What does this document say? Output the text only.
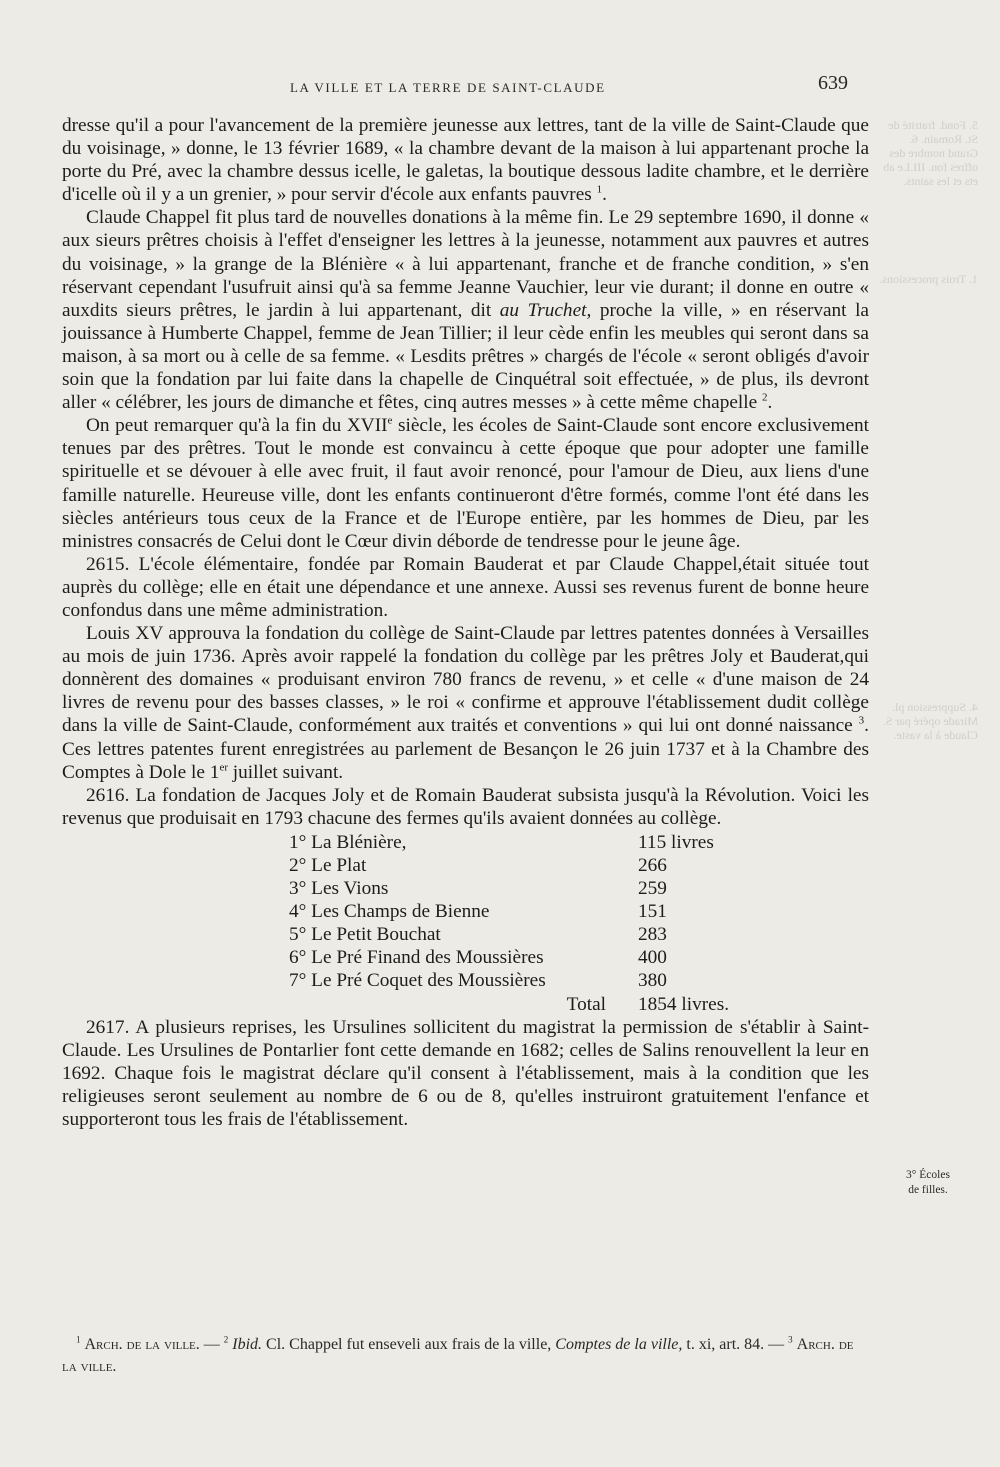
5. Fond. fratrité de St. Romain. 6. Grand nombre des offres fon. III.Le ab ets et les saints.
1. Trois processions.
4. Suppression pl. Mirade opéré par S. Claude à la vaste.
LA VILLE ET LA TERRE DE SAINT-CLAUDE	639

dresse qu'il a pour l'avancement de la première jeunesse aux lettres, tant de la ville de Saint-Claude que du voisinage, » donne, le 13 février 1689, « la chambre devant de la maison à lui appartenant proche la porte du Pré, avec la chambre dessus icelle, le galetas, la boutique dessous ladite chambre, et le derrière d'icelle où il y a un grenier, » pour servir d'école aux enfants pauvres $^1$.

Claude Chappel fit plus tard de nouvelles donations à la même fin. Le 29 septembre 1690, il donne « aux sieurs prêtres choisis à l'effet d'enseigner les lettres à la jeunesse, notamment aux pauvres et autres du voisinage, » la grange de la Blénière « à lui appartenant, franche et de franche condition, » s'en réservant cependant l'usufruit ainsi qu'à sa femme Jeanne Vauchier, leur vie durant; il donne en outre « auxdits sieurs prêtres, le jardin à lui appartenant, dit au Truchet, proche la ville, » en réservant la jouissance à Humberte Chappel, femme de Jean Tillier; il leur cède enfin les meubles qui seront dans sa maison, à sa mort ou à celle de sa femme. « Lesdits prêtres » chargés de l'école « seront obligés d'avoir soin que la fondation par lui faite dans la chapelle de Cinquétral soit effectuée, » de plus, ils devront aller « célébrer, les jours de dimanche et fêtes, cinq autres messes » à cette même chapelle $^2$.

On peut remarquer qu'à la fin du XVIIe siècle, les écoles de Saint-Claude sont encore exclusivement tenues par des prêtres. Tout le monde est convaincu à cette époque que pour adopter une famille spirituelle et se dévouer à elle avec fruit, il faut avoir renoncé, pour l'amour de Dieu, aux liens d'une famille naturelle. Heureuse ville, dont les enfants continueront d'être formés, comme l'ont été dans les siècles antérieurs tous ceux de la France et de l'Europe entière, par les hommes de Dieu, par les ministres consacrés de Celui dont le Cœur divin déborde de tendresse pour le jeune âge.

2615. L'école élémentaire, fondée par Romain Bauderat et par Claude Chappel,était située tout auprès du collège; elle en était une dépendance et une annexe. Aussi ses revenus furent de bonne heure confondus dans une même administration.

Louis XV approuva la fondation du collège de Saint-Claude par lettres patentes données à Versailles au mois de juin 1736. Après avoir rappelé la fondation du collège par les prêtres Joly et Bauderat,qui donnèrent des domaines « produisant environ 780 francs de revenu, » et celle « d'une maison de 24 livres de revenu pour des basses classes, » le roi « confirme et approuve l'établissement dudit collège dans la ville de Saint-Claude, conformément aux traités et conventions » qui lui ont donné naissance $^3$. Ces lettres patentes furent enregistrées au parlement de Besançon le 26 juin 1737 et à la Chambre des Comptes à Dole le 1er juillet suivant.

2616. La fondation de Jacques Joly et de Romain Bauderat subsista jusqu'à la Révolution. Voici les revenus que produisait en 1793 chacune des fermes qu'ils avaient données au collège.

1° La Blénière,	115 livres
2° Le Plat	266
3° Les Vions	259
4° Les Champs de Bienne	151
5° Le Petit Bouchat	283
6° Le Pré Finand des Moussières	400
7° Le Pré Coquet des Moussières	380
Total	1854 livres.

2617. A plusieurs reprises, les Ursulines sollicitent du magistrat la permission de s'établir à Saint-Claude. Les Ursulines de Pontarlier font cette demande en 1682; celles de Salins renouvellent la leur en 1692. Chaque fois le magistrat déclare qu'il consent à l'établissement, mais à la condition que les religieuses seront seulement au nombre de 6 ou de 8, qu'elles instruiront gratuitement l'enfance et supporteront tous les frais de l'établissement.

3° Écoles
de filles.

$^1$ Arch. de la ville. — $^2$ Ibid. Cl. Chappel fut enseveli aux frais de la ville, Comptes de la ville, t. xi, art. 84. — $^3$ Arch. de la ville.
